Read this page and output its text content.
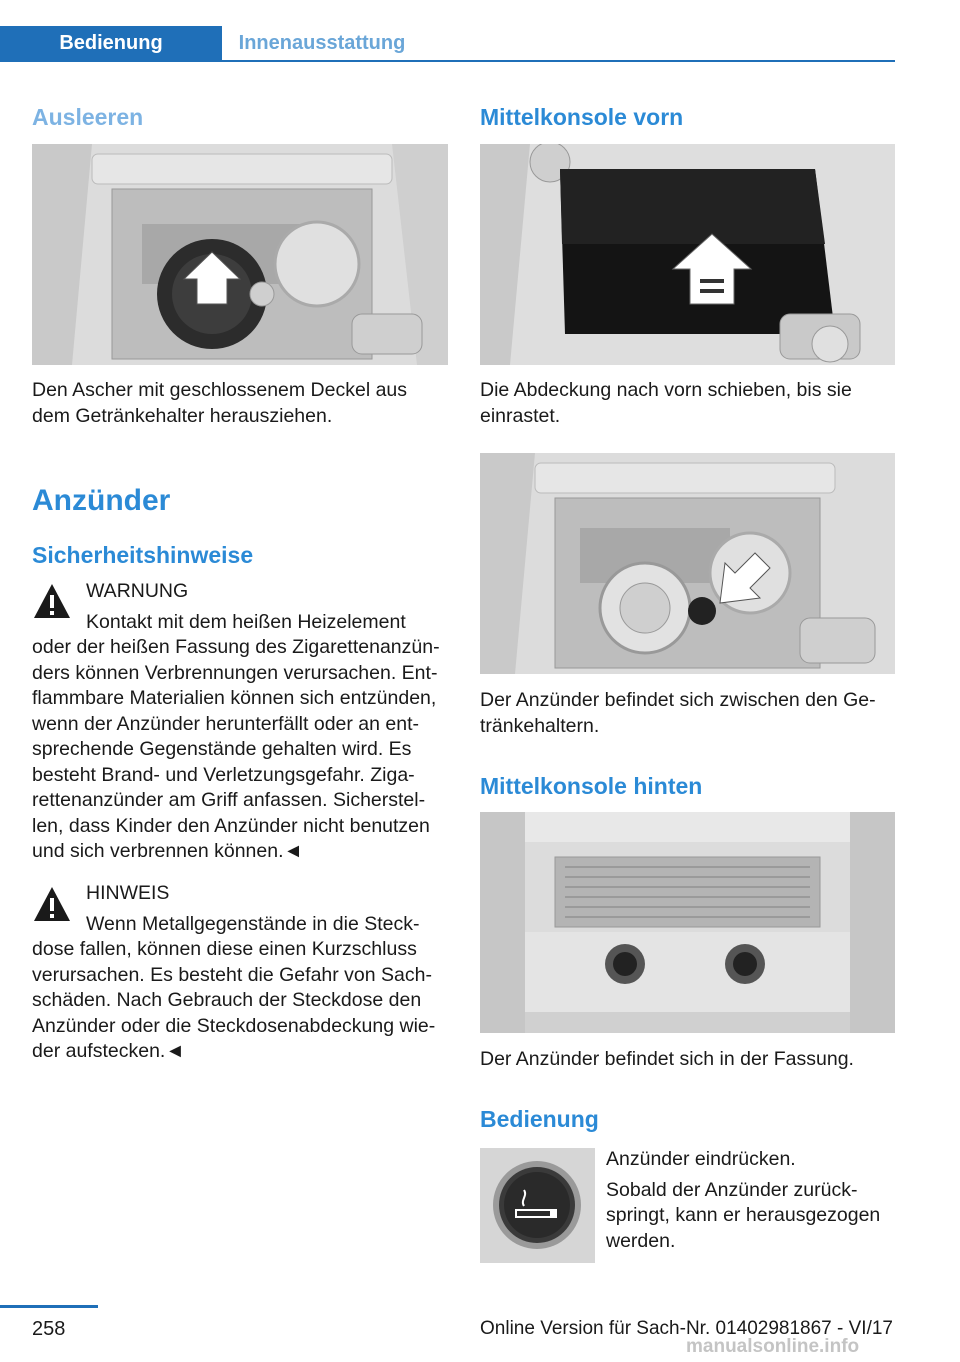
Bedienung	Innenausstattung
Ausleeren

Den Ascher mit geschlossenem Deckel aus

dem Getränkehalter herausziehen.

Anzünder
Sicherheitshinweise
WARNUNG

Kontakt mit dem heißen Heizelement

oder der heißen Fassung des Zigarettenanzün-

ders können Verbrennungen verursachen. Ent-

flammbare Materialien können sich entzünden,

wenn der Anzünder herunterfällt oder an ent-

sprechende Gegenstände gehalten wird. Es

besteht Brand- und Verletzungsgefahr. Ziga-

rettenanzünder am Griff anfassen. Sicherstel-

len, dass Kinder den Anzünder nicht benutzen

und sich verbrennen können.◄

HINWEIS

Wenn Metallgegenstände in die Steck-

dose fallen, können diese einen Kurzschluss

verursachen. Es besteht die Gefahr von Sach-

schäden. Nach Gebrauch der Steckdose den

Anzünder oder die Steckdosenabdeckung wie-

der aufstecken.◄

Mittelkonsole vorn

Die Abdeckung nach vorn schieben, bis sie

einrastet.

Der Anzünder befindet sich zwischen den Ge-

tränkehaltern.

Mittelkonsole hinten

Der Anzünder befindet sich in der Fassung.

Bedienung

Anzünder eindrücken.

Sobald der Anzünder zurück-

springt, kann er herausgezogen

werden.

258	Online Version für Sach-Nr. 01402981867 - VI/17
manualsonline.info
